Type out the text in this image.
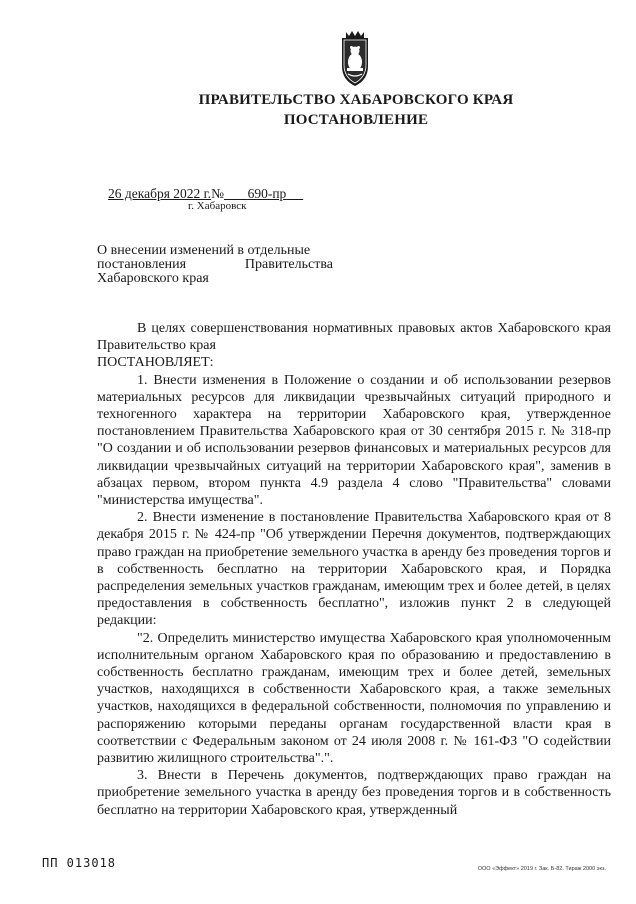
ПРАВИТЕЛЬСТВО ХАБАРОВСКОГО КРАЯ
ПОСТАНОВЛЕНИЕ
26 декабря 2022 г.№ 690-пр
г. Хабаровск
О внесении изменений в отдельные
постановления	Правительства
Хабаровского края

В целях совершенствования нормативных правовых актов Хабаровского края Правительство края

ПОСТАНОВЛЯЕТ:

1. Внести изменения в Положение о создании и об использовании резервов материальных ресурсов для ликвидации чрезвычайных ситуаций природного и техногенного характера на территории Хабаровского края, утвержденное постановлением Правительства Хабаровского края от 30 сентября 2015 г. № 318-пр "О создании и об использовании резервов финансовых и материальных ресурсов для ликвидации чрезвычайных ситуаций на территории Хабаровского края", заменив в абзацах первом, втором пункта 4.9 раздела 4 слово "Правительства" словами "министерства имущества".

2. Внести изменение в постановление Правительства Хабаровского края от 8 декабря 2015 г. № 424-пр "Об утверждении Перечня документов, подтверждающих право граждан на приобретение земельного участка в аренду без проведения торгов и в собственность бесплатно на территории Хабаровского края, и Порядка распределения земельных участков гражданам, имеющим трех и более детей, в целях предоставления в собственность бесплатно", изложив пункт 2 в следующей редакции:

"2. Определить министерство имущества Хабаровского края уполномоченным исполнительным органом Хабаровского края по образованию и предоставлению в собственность бесплатно гражданам, имеющим трех и более детей, земельных участков, находящихся в собственности Хабаровского края, а также земельных участков, находящихся в федеральной собственности, полномочия по управлению и распоряжению которыми переданы органам государственной власти края в соответствии с Федеральным законом от 24 июля 2008 г. № 161-ФЗ "О содействии развитию жилищного строительства".".

3. Внести в Перечень документов, подтверждающих право граждан на приобретение земельного участка в аренду без проведения торгов и в собственность бесплатно на территории Хабаровского края, утвержденный

ПП 013018	ООО «Эффект» 2019 г. Зак. Б-82. Тираж 2000 экз.
